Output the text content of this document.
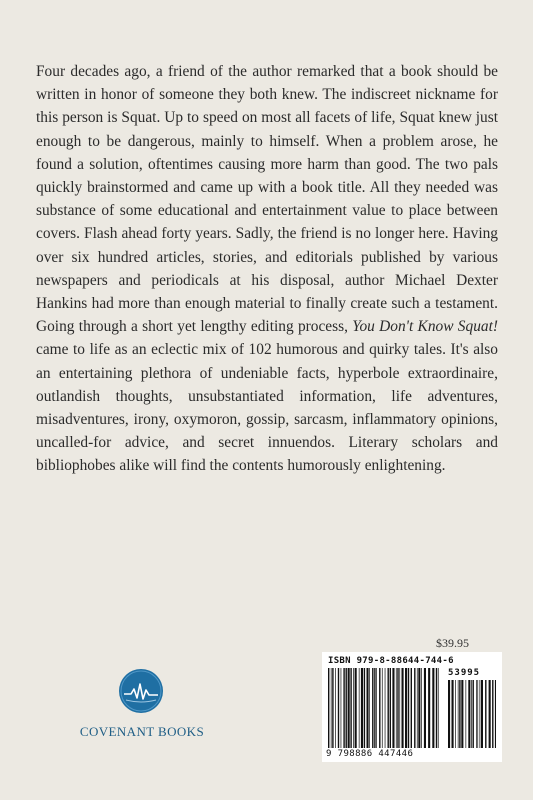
Four decades ago, a friend of the author remarked that a book should be written in honor of someone they both knew. The indiscreet nickname for this person is Squat. Up to speed on most all facets of life, Squat knew just enough to be dangerous, mainly to himself. When a problem arose, he found a solution, oftentimes causing more harm than good. The two pals quickly brainstormed and came up with a book title. All they needed was substance of some educational and entertainment value to place between covers. Flash ahead forty years. Sadly, the friend is no longer here. Having over six hundred articles, stories, and editorials published by various newspapers and periodicals at his disposal, author Michael Dexter Hankins had more than enough material to finally create such a testament. Going through a short yet lengthy editing process, You Don't Know Squat! came to life as an eclectic mix of 102 humorous and quirky tales. It's also an entertaining plethora of undeniable facts, hyperbole extraordinaire, outlandish thoughts, unsubstantiated information, life adventures, misadventures, irony, oxymoron, gossip, sarcasm, inflammatory opinions, uncalled-for advice, and secret innuendos. Literary scholars and bibliophobes alike will find the contents humorously enlightening.

COVENANT BOOKS
$39.95
ISBN 979-8-88644-744-6
53995
9 798886 447446
